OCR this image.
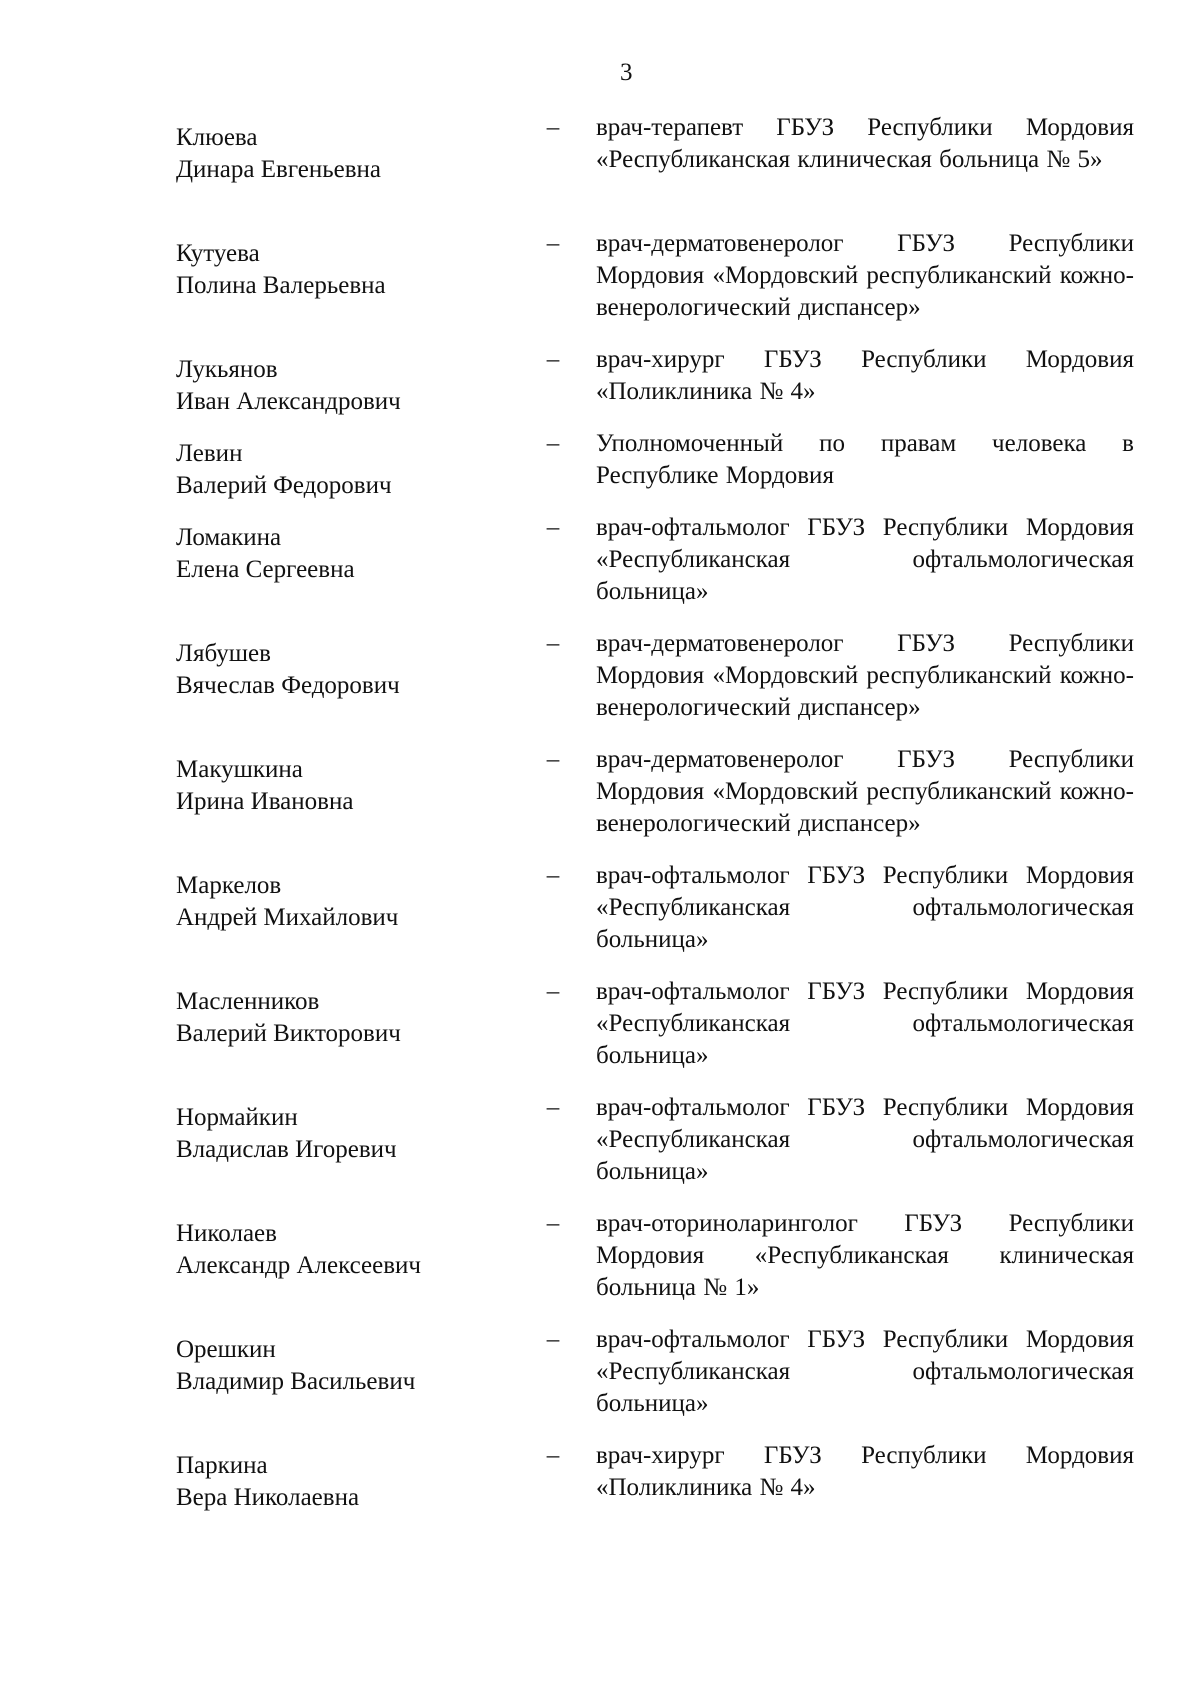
3
Клюева
Динара Евгеньевна
– врач-терапевт ГБУЗ Республики Мордовия «Республиканская клиническая больница № 5»
Кутуева
Полина Валерьевна
– врач-дерматовенеролог ГБУЗ Республики Мордовия «Мордовский республиканский кожно-венерологический диспансер»
Лукьянов
Иван Александрович
– врач-хирург ГБУЗ Республики Мордовия «Поликлиника № 4»
Левин
Валерий Федорович
– Уполномоченный по правам человека в Республике Мордовия
Ломакина
Елена Сергеевна
– врач-офтальмолог ГБУЗ Республики Мордовия «Республиканская офтальмологическая больница»
Лябушев
Вячеслав Федорович
– врач-дерматовенеролог ГБУЗ Республики Мордовия «Мордовский республиканский кожно-венерологический диспансер»
Макушкина
Ирина Ивановна
– врач-дерматовенеролог ГБУЗ Республики Мордовия «Мордовский республиканский кожно-венерологический диспансер»
Маркелов
Андрей Михайлович
– врач-офтальмолог ГБУЗ Республики Мордовия «Республиканская офтальмологическая больница»
Масленников
Валерий Викторович
– врач-офтальмолог ГБУЗ Республики Мордовия «Республиканская офтальмологическая больница»
Нормайкин
Владислав Игоревич
– врач-офтальмолог ГБУЗ Республики Мордовия «Республиканская офтальмологическая больница»
Николаев
Александр Алексеевич
– врач-оториноларинголог ГБУЗ Республики Мордовия «Республиканская клиническая больница № 1»
Орешкин
Владимир Васильевич
– врач-офтальмолог ГБУЗ Республики Мордовия «Республиканская офтальмологическая больница»
Паркина
Вера Николаевна
– врач-хирург ГБУЗ Республики Мордовия «Поликлиника № 4»
